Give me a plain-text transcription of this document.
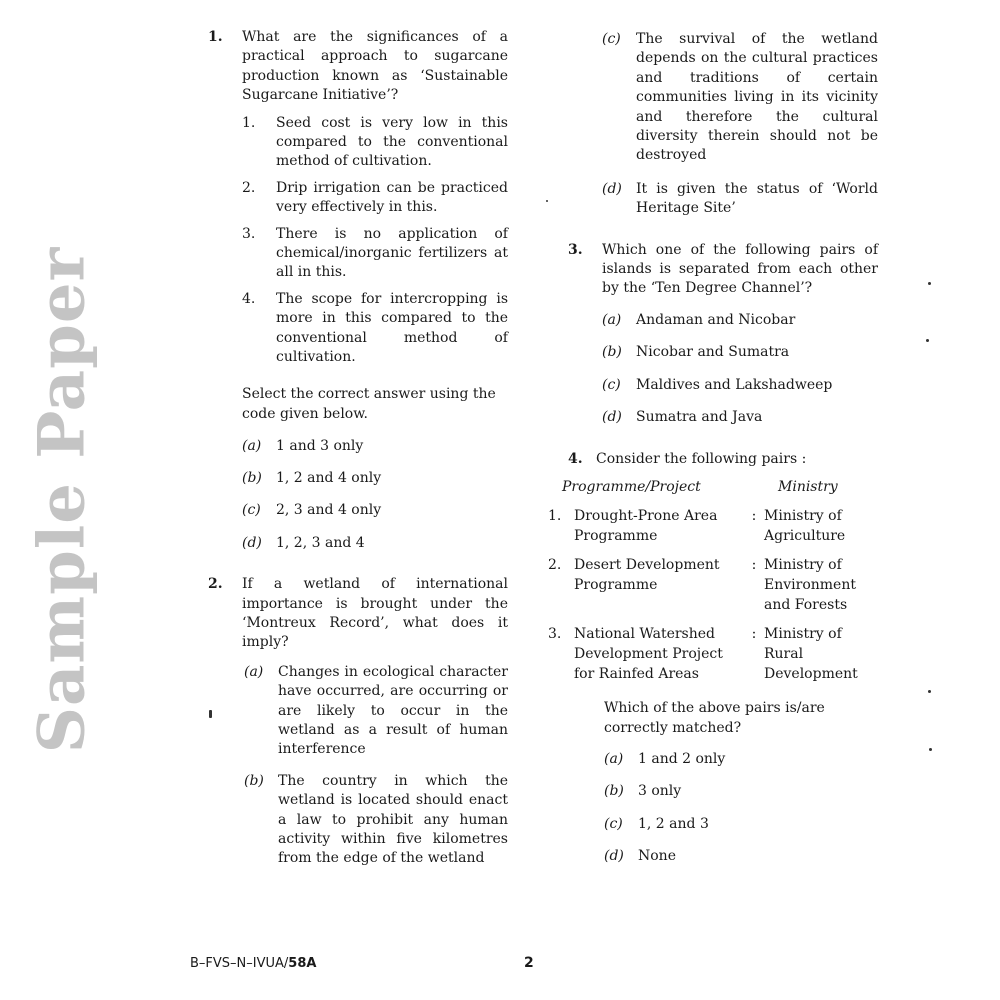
Sample Paper
1. What are the significances of a practical approach to sugarcane production known as ‘Sustainable Sugarcane Initiative’?
1. Seed cost is very low in this compared to the conventional method of cultivation.
2. Drip irrigation can be practiced very effectively in this.
3. There is no application of chemical/inorganic fertilizers at all in this.
4. The scope for intercropping is more in this compared to the conventional method of cultivation.
Select the correct answer using the code given below.
(a) 1 and 3 only
(b) 1, 2 and 4 only
(c) 2, 3 and 4 only
(d) 1, 2, 3 and 4
2. If a wetland of international importance is brought under the ‘Montreux Record’, what does it imply?
(a) Changes in ecological character have occurred, are occurring or are likely to occur in the wetland as a result of human interference
(b) The country in which the wetland is located should enact a law to prohibit any human activity within five kilometres from the edge of the wetland
(c) The survival of the wetland depends on the cultural practices and traditions of certain communities living in its vicinity and therefore the cultural diversity therein should not be destroyed
(d) It is given the status of ‘World Heritage Site’
3. Which one of the following pairs of islands is separated from each other by the ‘Ten Degree Channel’?
(a) Andaman and Nicobar
(b) Nicobar and Sumatra
(c) Maldives and Lakshadweep
(d) Sumatra and Java
4. Consider the following pairs :
Programme/Project	Ministry
1. Drought-Prone Area Programme
: Ministry of Agriculture
2. Desert Development Programme
: Ministry of Environment and Forests
3. National Watershed Development Project for Rainfed Areas
: Ministry of Rural Development
Which of the above pairs is/are correctly matched?
(a) 1 and 2 only
(b) 3 only
(c) 1, 2 and 3
(d) None
B–FVS–N–IVUA/58A	2
